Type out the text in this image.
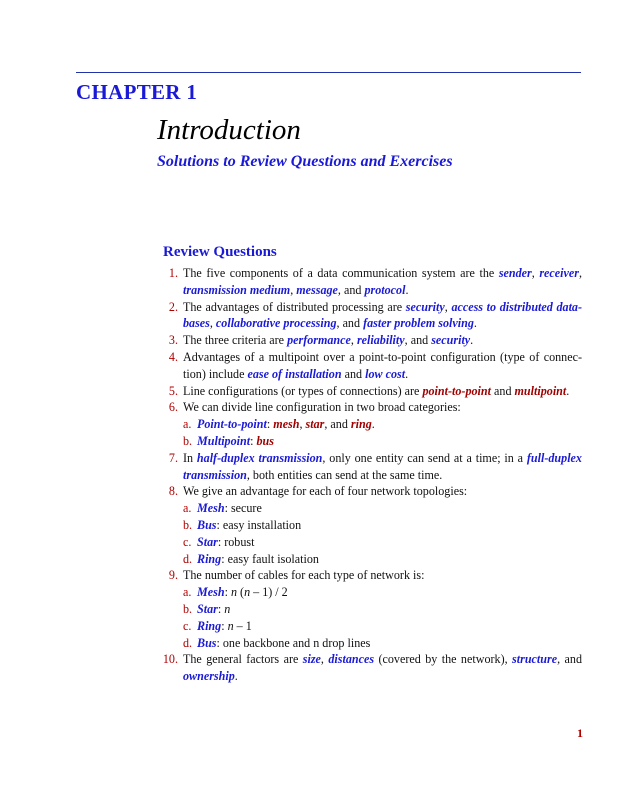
CHAPTER 1
Introduction
Solutions to Review Questions and Exercises
Review Questions

1. The five components of a data communication system are the sender, receiver, transmission medium, message, and protocol.

2. The advantages of distributed processing are security, access to distributed data-bases, collaborative processing, and faster problem solving.

3. The three criteria are performance, reliability, and security.

4. Advantages of a multipoint over a point-to-point configuration (type of connec-tion) include ease of installation and low cost.

5. Line configurations (or types of connections) are point-to-point and multipoint.

6. We can divide line configuration in two broad categories:

a. Point-to-point: mesh, star, and ring.

b. Multipoint: bus

7. In half-duplex transmission, only one entity can send at a time; in a full-duplex transmission, both entities can send at the same time.

8. We give an advantage for each of four network topologies:

a. Mesh: secure

b. Bus: easy installation

c. Star: robust

d. Ring: easy fault isolation

9. The number of cables for each type of network is:

a. Mesh: n (n – 1) / 2

b. Star: n

c. Ring: n – 1

d. Bus: one backbone and n drop lines

10. The general factors are size, distances (covered by the network), structure, and ownership.

1
